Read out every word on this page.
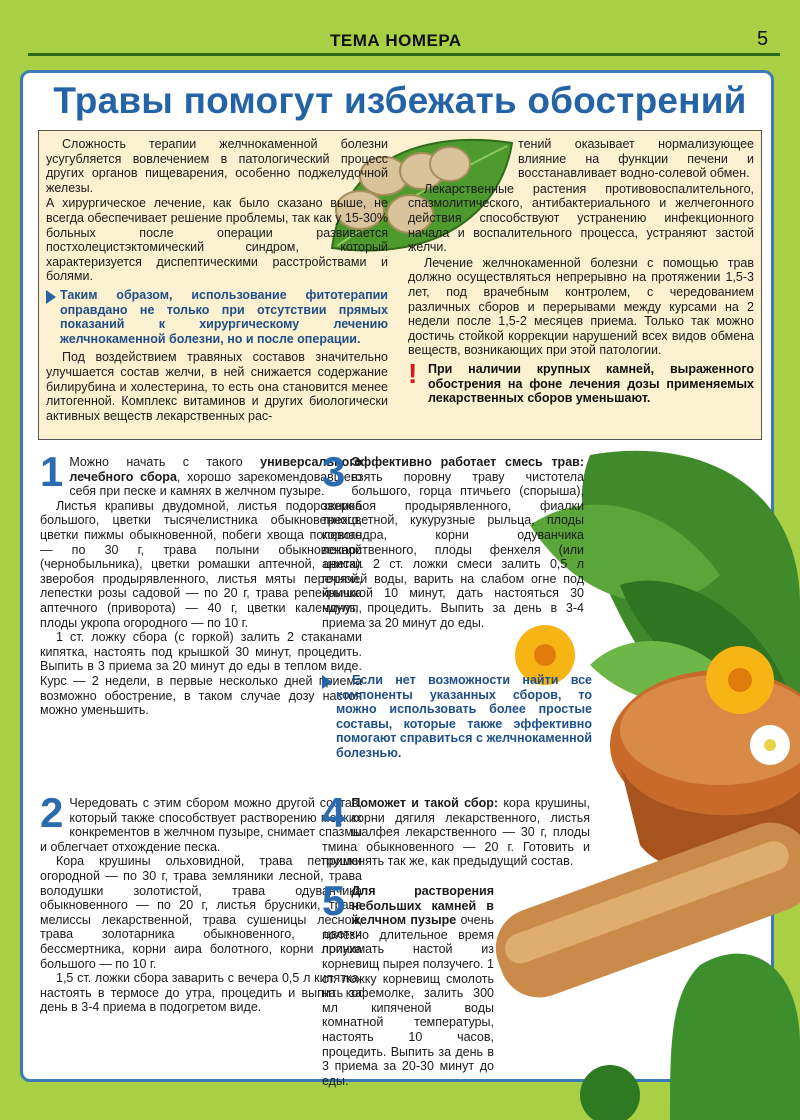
ТЕМА НОМЕРА	5
Травы помогут избежать обострений

Сложность терапии желчнокаменной болезни усугубляется вовлечением в патологический процесс других органов пищеварения, особенно поджелудочной железы.

А хирургическое лечение, как было сказано выше, не всегда обеспечивает решение проблемы, так как у 15-30% больных после операции развивается постхолецистэктомический синдром, который характеризуется диспептическими расстройствами и болями.

Таким образом, использование фитотерапии оправдано не только при отсутствии прямых показаний к хирургическому лечению желчнокаменной болезни, но и после операции.

Под воздействием травяных составов значительно улучшается состав желчи, в ней снижается содержание билирубина и холестерина, то есть она становится менее литогенной. Комплекс витаминов и других биологически активных веществ лекарственных рас-

тений оказывает нормализующее влияние на функции печени и восстанавливает водно-солевой обмен.

Лекарственные растения противовоспалительного, спазмолитического, антибактериального и желчегонного действия способствуют устранению инфекционного начала и воспалительного процесса, устраняют застой желчи.

Лечение желчнокаменной болезни с помощью трав должно осуществляться непрерывно на протяжении 1,5-3 лет, под врачебным контролем, с чередованием различных сборов и перерывами между курсами на 2 недели после 1,5-2 месяцев приема. Только так можно достичь стойкой коррекции нарушений всех видов обмена веществ, возникающих при этой патологии.

! При наличии крупных камней, выраженного обострения на фоне лечения дозы применяемых лекарственных сборов уменьшают.

1 Можно начать с такого универсального лечебного сбора, хорошо зарекомендовавшего себя при песке и камнях в желчном пузыре.

Листья крапивы двудомной, листья подорожника большого, цветки тысячелистника обыкновенного, цветки пижмы обыкновенной, побеги хвоща полевого — по 30 г, трава полыни обыкновенной (чернобыльника), цветки ромашки аптечной, цветки зверобоя продырявленного, листья мяты перечной, лепестки розы садовой — по 20 г, трава репейничка аптечного (приворота) — 40 г, цветки календулы, плоды укропа огородного — по 10 г.

1 ст. ложку сбора (с горкой) залить 2 стаканами кипятка, настоять под крышкой 30 минут, процедить. Выпить в 3 приема за 20 минут до еды в теплом виде. Курс — 2 недели, в первые несколько дней приема возможно обострение, в таком случае дозу настоя можно уменьшить.

2 Чередовать с этим сбором можно другой состав, который также способствует растворению мелких конкрементов в желчном пузыре, снимает спазмы и облегчает отхождение песка.

Кора крушины ольховидной, трава петрушки огородной — по 30 г, трава земляники лесной, трава володушки золотистой, трава одуванчика обыкновенного — по 20 г, листья брусники, трава мелиссы лекарственной, трава сушеницы лесной, трава золотарника обыкновенного, цветки бессмертника, корни аира болотного, корни лопуха большого — по 10 г.

1,5 ст. ложки сбора заварить с вечера 0,5 л кипятка, настоять в термосе до утра, процедить и выпить за день в 3-4 приема в подогретом виде.

3 Эффективно работает смесь трав: взять поровну траву чистотела большого, горца птичьего (спорыша), зверобоя продырявленного, фиалки трехцветной, кукурузные рыльца, плоды кориандра, корни одуванчика лекарственного, плоды фенхеля (или аниса). 2 ст. ложки смеси залить 0,5 л горячей воды, варить на слабом огне под крышкой 10 минут, дать настояться 30 минут, процедить. Выпить за день в 3-4 приема за 20 минут до еды.

Если нет возможности найти все компоненты указанных сборов, то можно использовать более простые составы, которые также эффективно помогают справиться с желчнокаменной болезнью.

4 Поможет и такой сбор: кора крушины, корни дягиля лекарственного, листья шалфея лекарственного — 30 г, плоды тмина обыкновенного — 20 г. Готовить и применять так же, как предыдущий состав.

5 Для растворения небольших камней в желчном пузыре очень полезно длительное время принимать настой из корневищ пырея ползучего. 1 ст. ложку корневищ смолоть на кофемолке, залить 300 мл кипяченой воды комнатной температуры, настоять 10 часов, процедить. Выпить за день в 3 приема за 20-30 минут до еды.
